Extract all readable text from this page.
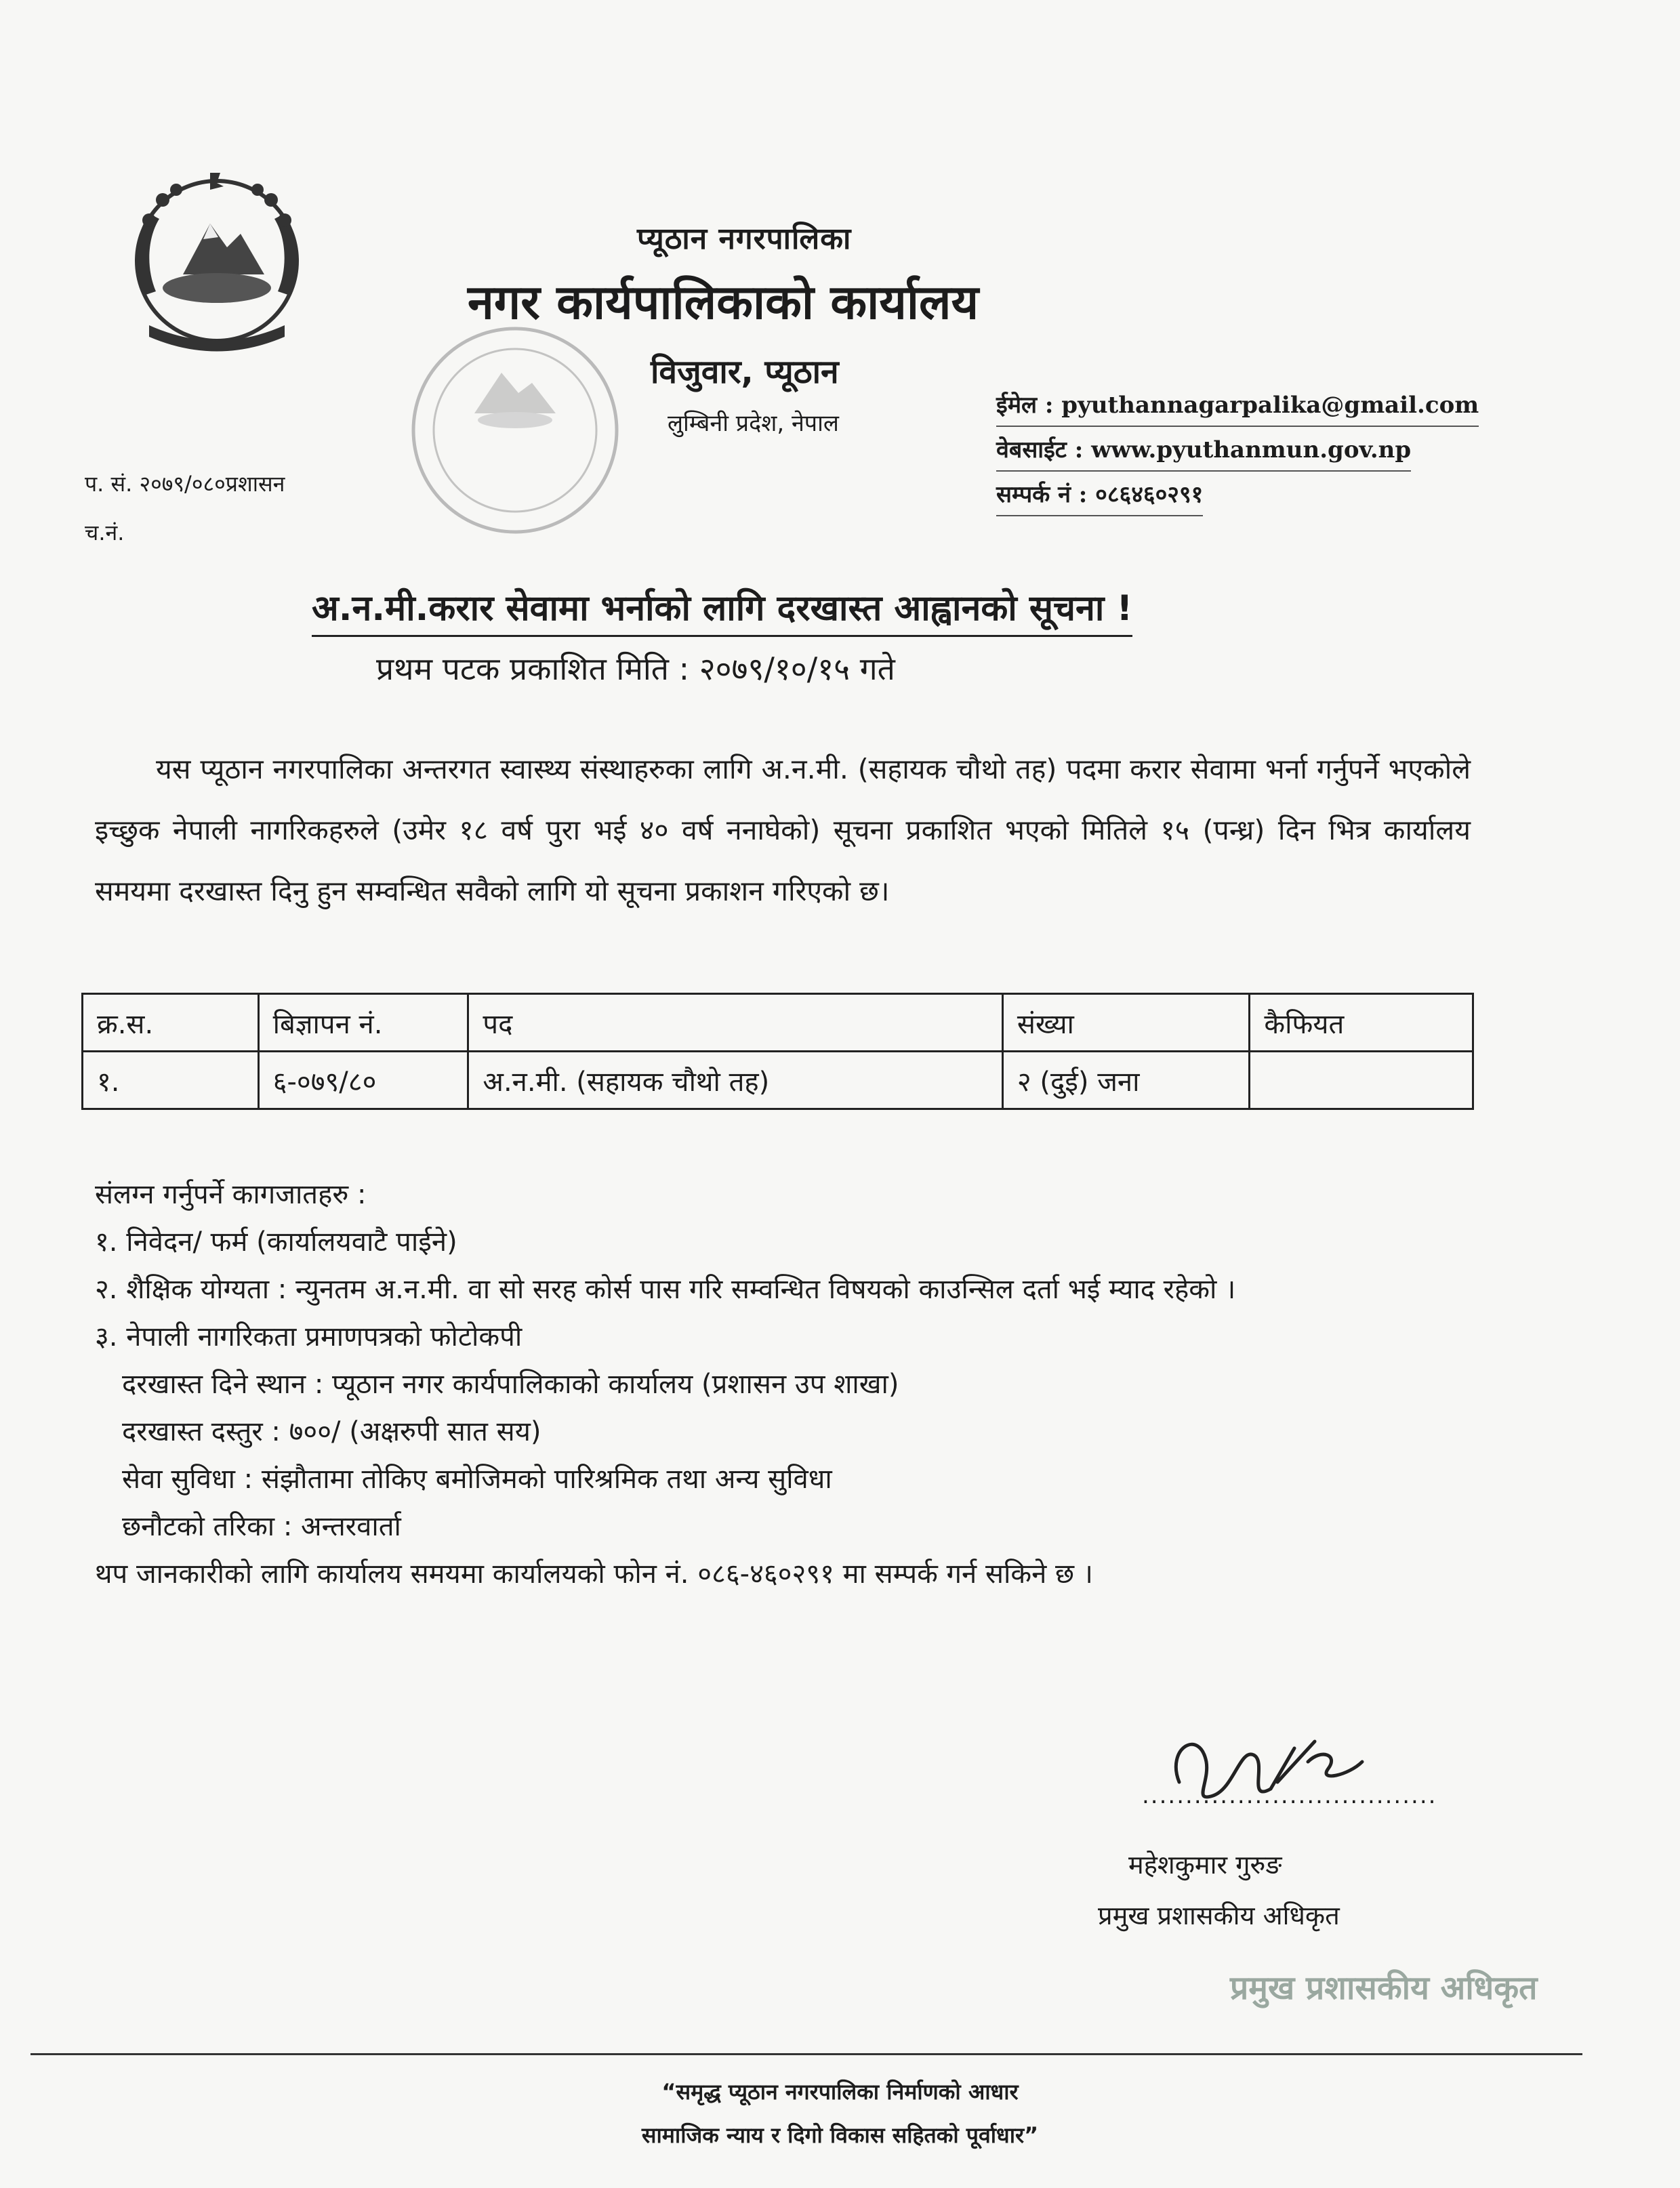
प्यूठान नगरपालिका
नगर कार्यपालिकाको कार्यालय
विजुवार, प्यूठान
लुम्बिनी प्रदेश, नेपाल
ईमेल : pyuthannagarpalika@gmail.com
वेबसाईट : www.pyuthanmun.gov.np
सम्पर्क नं : ०८६४६०२९१
प. सं. २०७९/०८०प्रशासन
च.नं.
अ.न.मी.करार सेवामा भर्नाको लागि दरखास्त आह्वानको सूचना !
प्रथम पटक प्रकाशित मिति : २०७९/१०/१५ गते
यस प्यूठान नगरपालिका अन्तरगत स्वास्थ्य संस्थाहरुका लागि अ.न.मी. (सहायक चौथो तह) पदमा करार सेवामा भर्ना गर्नुपर्ने भएकोले इच्छुक नेपाली नागरिकहरुले (उमेर १८ वर्ष पुरा भई ४० वर्ष ननाघेको) सूचना प्रकाशित भएको मितिले १५ (पन्ध्र) दिन भित्र कार्यालय समयमा दरखास्त दिनु हुन सम्वन्धित सवैको लागि यो सूचना प्रकाशन गरिएको छ।
क्र.स.	बिज्ञापन नं.	पद	संख्या	कैफियत
१.	६-०७९/८०	अ.न.मी. (सहायक चौथो तह)	२ (दुई) जना	
संलग्न गर्नुपर्ने कागजातहरु :
१. निवेदन/ फर्म (कार्यालयवाटै पाईने)
२. शैक्षिक योग्यता : न्युनतम अ.न.मी. वा सो सरह कोर्स पास गरि सम्वन्धित विषयको काउन्सिल दर्ता भई म्याद रहेको ।
३. नेपाली नागरिकता प्रमाणपत्रको फोटोकपी
दरखास्त दिने स्थान : प्यूठान नगर कार्यपालिकाको कार्यालय (प्रशासन उप शाखा)
दरखास्त दस्तुर : ७००/ (अक्षरुपी सात सय)
सेवा सुविधा : संझौतामा तोकिए बमोजिमको पारिश्रमिक तथा अन्य सुविधा
छनौटको तरिका : अन्तरवार्ता
थप जानकारीको लागि कार्यालय समयमा कार्यालयको फोन नं. ०८६-४६०२९१ मा सम्पर्क गर्न सकिने छ ।
..................................
महेशकुमार गुरुङ
प्रमुख प्रशासकीय अधिकृत
प्रमुख प्रशासकीय अधिकृत
“समृद्ध प्यूठान नगरपालिका निर्माणको आधार
सामाजिक न्याय र दिगो विकास सहितको पूर्वाधार”
